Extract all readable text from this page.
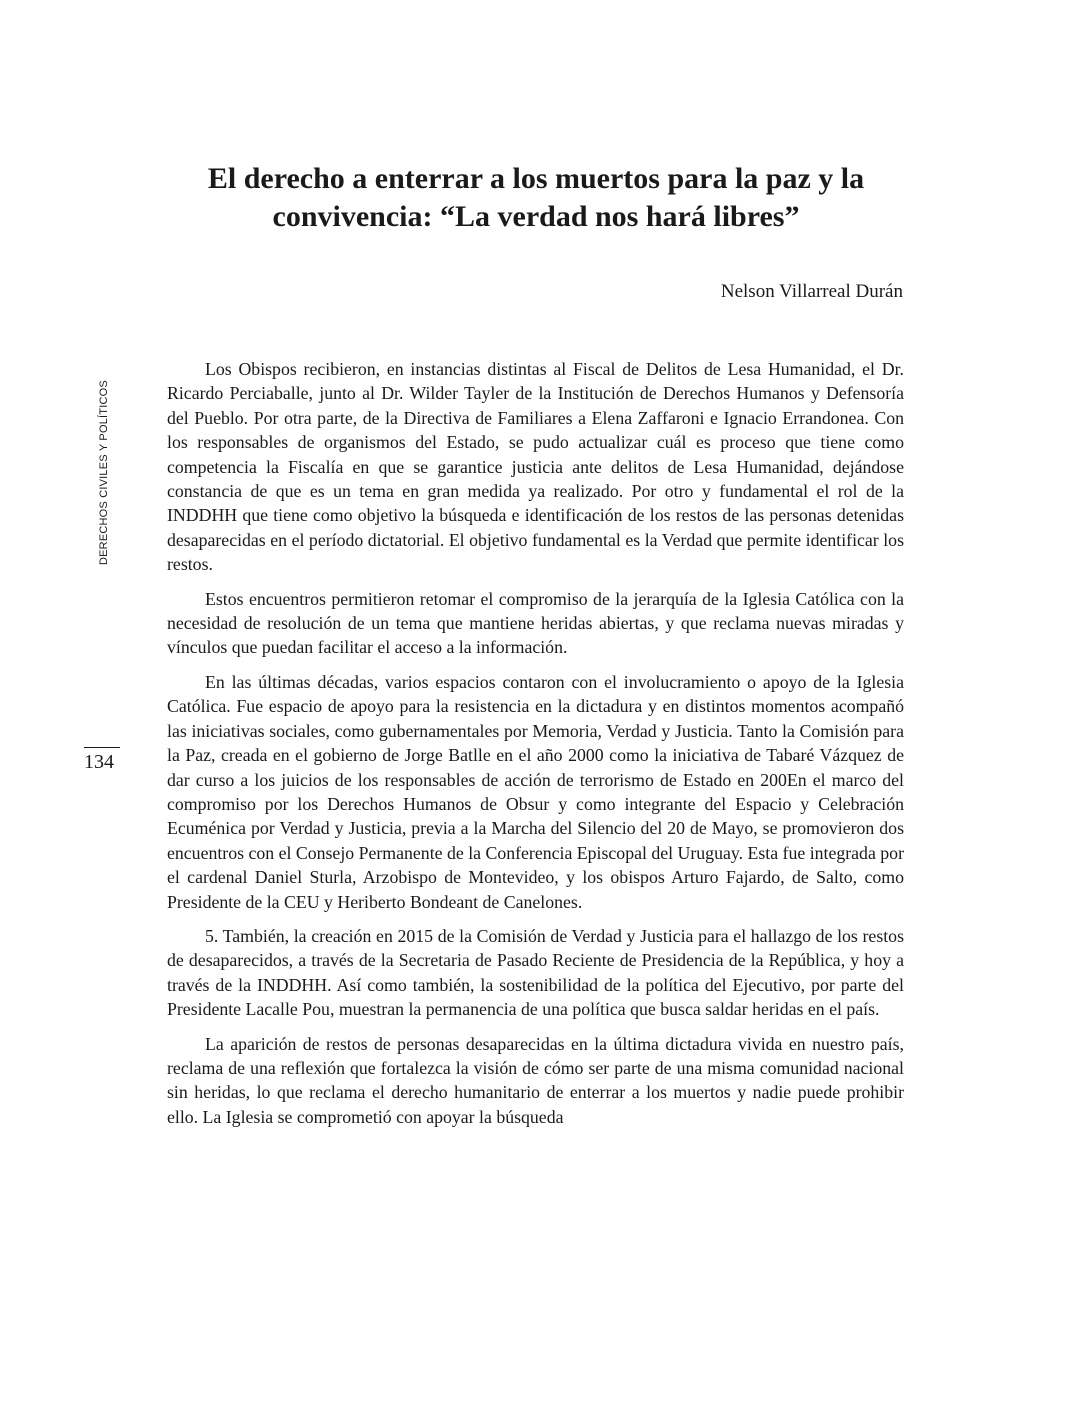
El derecho a enterrar a los muertos para la paz y la
convivencia: “La verdad nos hará libres”
Nelson Villarreal Durán
DERECHOS CIVILES Y POLÍTICOS
134

Los Obispos recibieron, en instancias distintas al Fiscal de Delitos de Lesa Humanidad, el Dr. Ricardo Perciaballe, junto al Dr. Wilder Tayler de la Institución de Derechos Humanos y Defensoría del Pueblo. Por otra parte, de la Directiva de Familiares a Elena Zaffaroni e Ignacio Errandonea. Con los responsables de organismos del Estado, se pudo actualizar cuál es proceso que tiene como competencia la Fiscalía en que se garantice justicia ante delitos de Lesa Humanidad, dejándose constancia de que es un tema en gran medida ya realizado. Por otro y fundamental el rol de la INDDHH que tiene como objetivo la búsqueda e identificación de los restos de las personas detenidas desaparecidas en el período dictatorial. El objetivo fundamental es la Verdad que permite identificar los restos.

Estos encuentros permitieron retomar el compromiso de la jerarquía de la Iglesia Católica con la necesidad de resolución de un tema que mantiene heridas abiertas, y que reclama nuevas miradas y vínculos que puedan facilitar el acceso a la información.

En las últimas décadas, varios espacios contaron con el involucramiento o apoyo de la Iglesia Católica. Fue espacio de apoyo para la resistencia en la dictadura y en distintos momentos acompañó las iniciativas sociales, como gubernamentales por Memoria, Verdad y Justicia. Tanto la Comisión para la Paz, creada en el gobierno de Jorge Batlle en el año 2000 como la iniciativa de Tabaré Vázquez de dar curso a los juicios de los responsables de acción de terrorismo de Estado en 200En el marco del compromiso por los Derechos Humanos de Obsur y como integrante del Espacio y Celebración Ecuménica por Verdad y Justicia, previa a la Marcha del Silencio del 20 de Mayo, se promovieron dos encuentros con el Consejo Permanente de la Conferencia Episcopal del Uruguay. Esta fue integrada por el cardenal Daniel Sturla, Arzobispo de Montevideo, y los obispos Arturo Fajardo, de Salto, como Presidente de la CEU y Heriberto Bondeant de Canelones.

5. También, la creación en 2015 de la Comisión de Verdad y Justicia para el hallazgo de los restos de desaparecidos, a través de la Secretaria de Pasado Reciente de Presidencia de la República, y hoy a través de la INDDHH. Así como también, la sostenibilidad de la política del Ejecutivo, por parte del Presidente Lacalle Pou, muestran la permanencia de una política que busca saldar heridas en el país.

La aparición de restos de personas desaparecidas en la última dictadura vivida en nuestro país, reclama de una reflexión que fortalezca la visión de cómo ser parte de una misma comunidad nacional sin heridas, lo que reclama el derecho humanitario de enterrar a los muertos y nadie puede prohibir ello. La Iglesia se comprometió con apoyar la búsqueda
